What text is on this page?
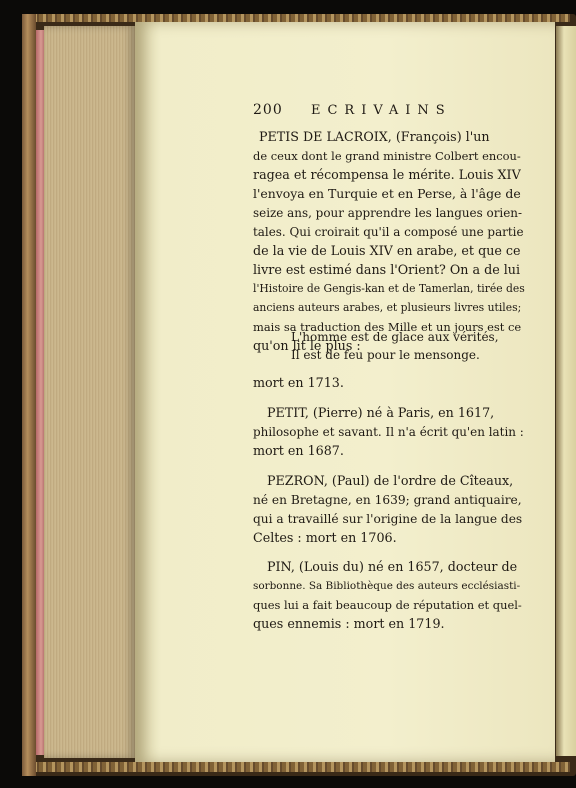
200 ECRIVAINS
PETIS DE LACROIX, (François) l'un
de ceux dont le grand ministre Colbert encou-
ragea et récompensa le mérite. Louis XIV
l'envoya en Turquie et en Perse, à l'âge de
seize ans, pour apprendre les langues orien-
tales. Qui croirait qu'il a composé une partie
de la vie de Louis XIV en arabe, et que ce
livre est estimé dans l'Orient? On a de lui
l'Histoire de Gengis-kan et de Tamerlan, tirée des
anciens auteurs arabes, et plusieurs livres utiles;
mais sa traduction des Mille et un jours est ce
qu'on lit le plus :
L'homme est de glace aux vérités,
Il est de feu pour le mensonge.
mort en 1713.
PETIT, (Pierre) né à Paris, en 1617,
philosophe et savant. Il n'a écrit qu'en latin :
mort en 1687.
PEZRON, (Paul) de l'ordre de Cîteaux,
né en Bretagne, en 1639; grand antiquaire,
qui a travaillé sur l'origine de la langue des
Celtes : mort en 1706.
PIN, (Louis du) né en 1657, docteur de
sorbonne. Sa Bibliothèque des auteurs ecclésiasti-
ques lui a fait beaucoup de réputation et quel-
ques ennemis : mort en 1719.
